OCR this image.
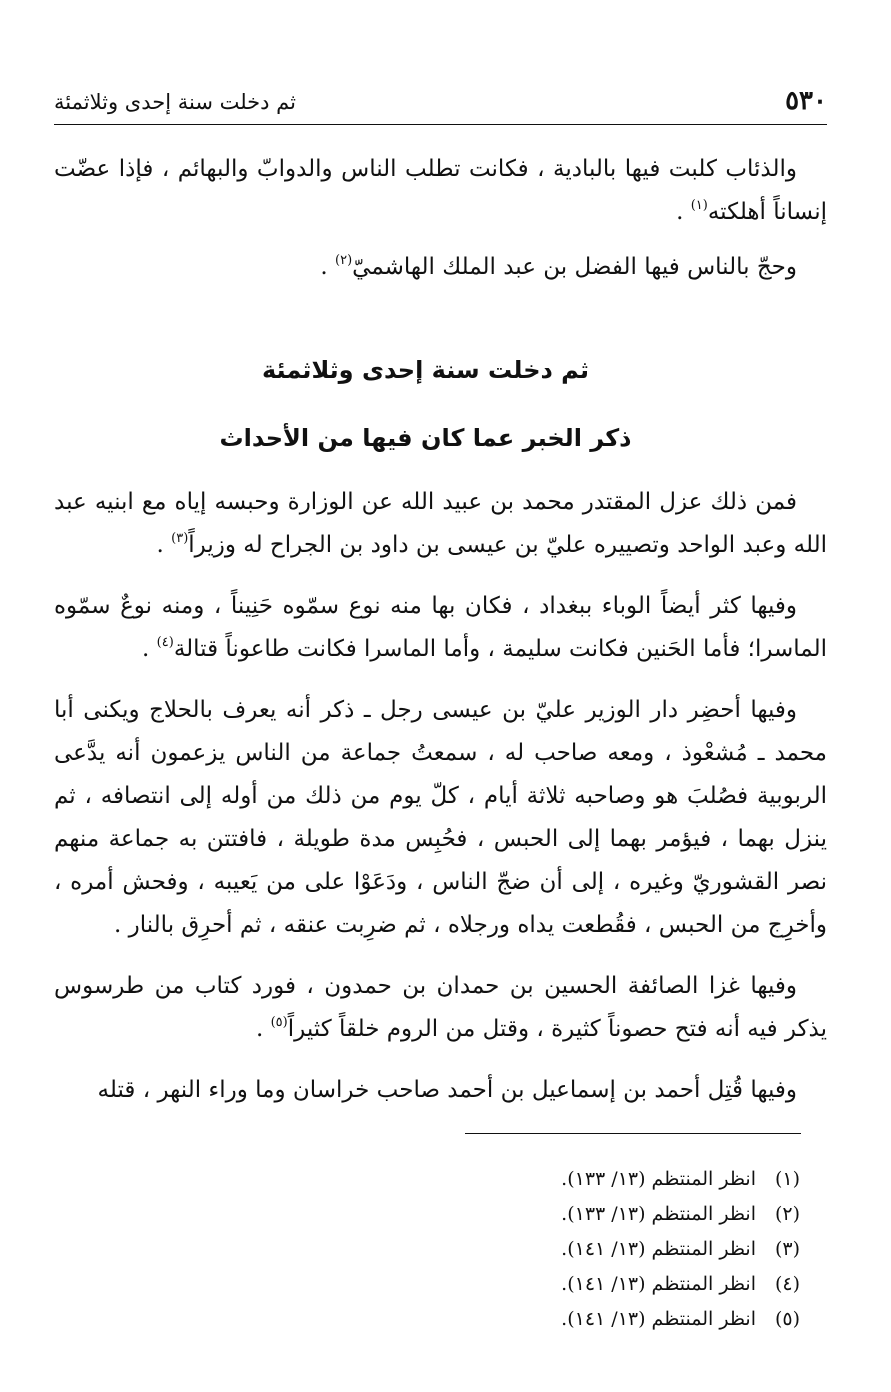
٥٣٠
ثم دخلت سنة إحدى وثلاثمئة

والذئاب كلبت فيها بالبادية ، فكانت تطلب الناس والدوابّ والبهائم ، فإذا عضّت إنساناً أهلكته$^{(١)}$ .

وحجّ بالناس فيها الفضل بن عبد الملك الهاشميّ$^{(٢)}$ .

ثم دخلت سنة إحدى وثلاثمئة

ذكر الخبر عما كان فيها من الأحداث

فمن ذلك عزل المقتدر محمد بن عبيد الله عن الوزارة وحبسه إياه مع ابنيه عبد الله وعبد الواحد وتصييره عليّ بن عيسى بن داود بن الجراح له وزيراً$^{(٣)}$ .

وفيها كثر أيضاً الوباء ببغداد ، فكان بها منه نوع سمّوه حَنِيناً ، ومنه نوعٌ سمّوه الماسرا؛ فأما الحَنين فكانت سليمة ، وأما الماسرا فكانت طاعوناً قتالة$^{(٤)}$ .

وفيها أحضِر دار الوزير عليّ بن عيسى رجل ـ ذكر أنه يعرف بالحلاج ويكنى أبا محمد ـ مُشعْوذ ، ومعه صاحب له ، سمعتُ جماعة من الناس يزعمون أنه يدَّعى الربوبية فصُلبَ هو وصاحبه ثلاثة أيام ، كلّ يوم من ذلك من أوله إلى انتصافه ، ثم ينزل بهما ، فيؤمر بهما إلى الحبس ، فحُبِس مدة طويلة ، فافتتن به جماعة منهم نصر القشوريّ وغيره ، إلى أن ضجّ الناس ، ودَعَوْا على من يَعيبه ، وفحش أمره ، وأخرِج من الحبس ، فقُطعت يداه ورجلاه ، ثم ضرِبت عنقه ، ثم أحرِق بالنار .

وفيها غزا الصائفة الحسين بن حمدان بن حمدون ، فورد كتاب من طرسوس يذكر فيه أنه فتح حصوناً كثيرة ، وقتل من الروم خلقاً كثيراً$^{(٥)}$ .

وفيها قُتِل أحمد بن إسماعيل بن أحمد صاحب خراسان وما وراء النهر ، قتله

(١)
انظر المنتظم (١٣/ ١٣٣).
(٢)
انظر المنتظم (١٣/ ١٣٣).
(٣)
انظر المنتظم (١٣/ ١٤١).
(٤)
انظر المنتظم (١٣/ ١٤١).
(٥)
انظر المنتظم (١٣/ ١٤١).
